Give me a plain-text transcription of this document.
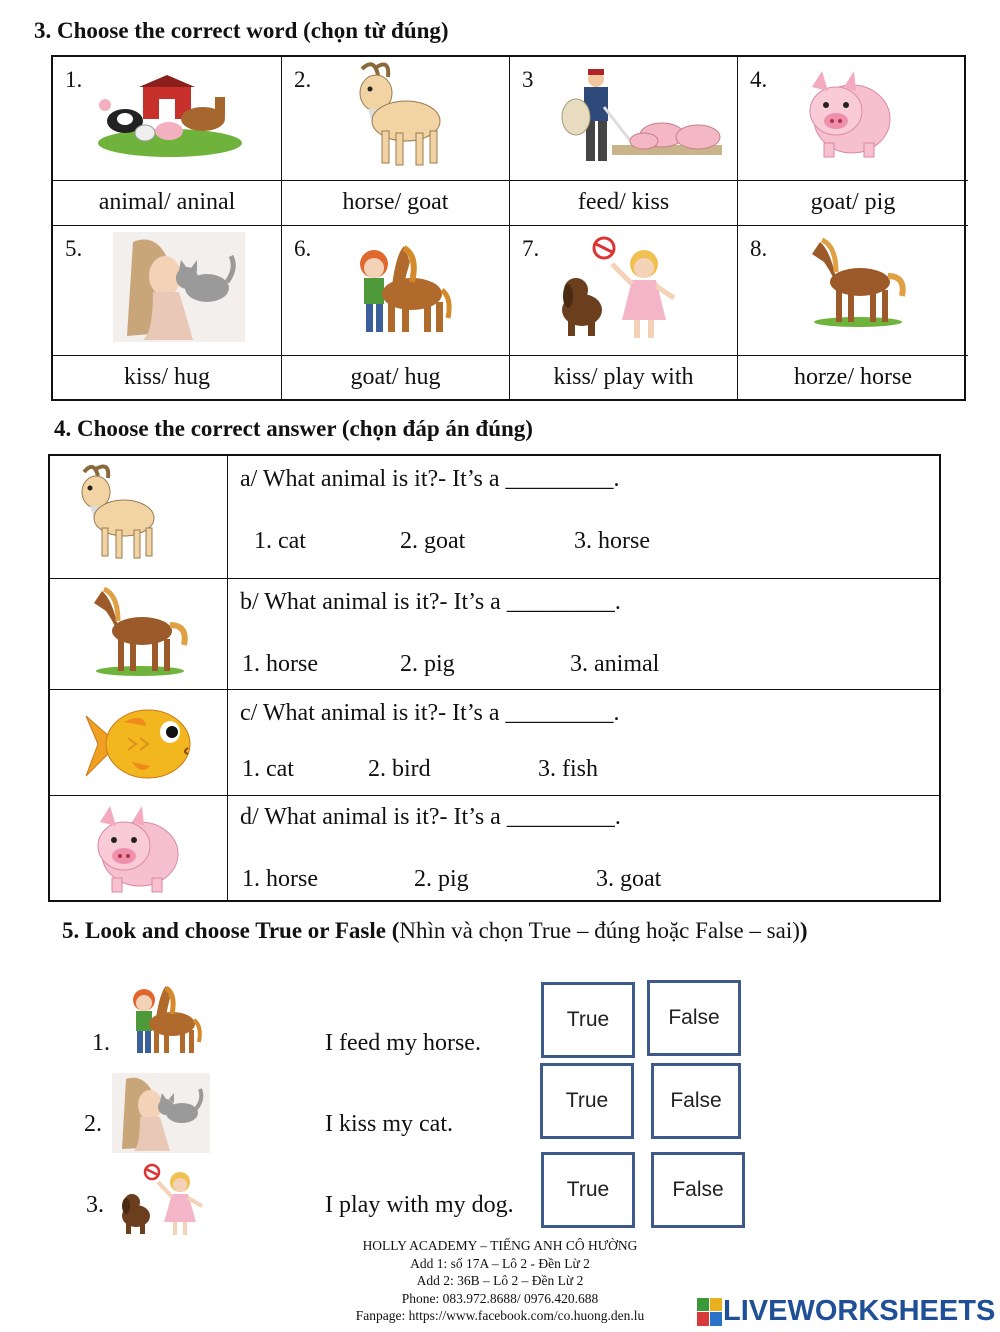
3. Choose the correct word (chọn từ đúng)
1.	2.	3	4.
animal/ aninal	horse/ goat	feed/ kiss	goat/ pig
5.	6.	7.	8.
kiss/ hug	goat/ hug	kiss/ play with	horze/ horse
4. Choose the correct answer (chọn đáp án đúng)
a/ What animal is it?- It’s a _________.
1. cat	2. goat	3. horse
b/ What animal is it?- It’s a _________.
1. horse	2. pig	3. animal
c/ What animal is it?- It’s a _________.
1. cat	2. bird	3. fish
d/ What animal is it?- It’s a _________.
1. horse	2. pig	3. goat
5. Look and choose True or Fasle (Nhìn và chọn True – đúng hoặc False – sai))
1.	I feed my horse.
True	False
2.	I kiss my cat.
True	False
3.	I play with my dog.
True	False
HOLLY ACADEMY – TIẾNG ANH CÔ HƯỜNG
Add 1: số 17A – Lô 2 - Đền Lừ 2
Add 2: 36B – Lô 2 – Đền Lừ 2
Phone: 083.972.8688/ 0976.420.688
Fanpage: https://www.facebook.com/co.huong.den.lu	LIVEWORKSHEETS
